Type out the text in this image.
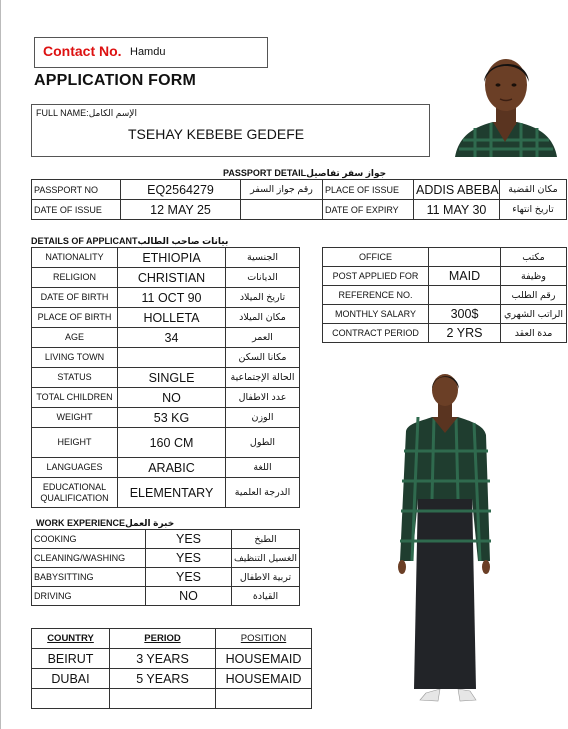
Contact No. Hamdu
APPLICATION FORM
FULL NAME:الإسم الكامل
TSEHAY KEBEBE GEDEFE
PASSPORT DETAILجواز سفر تفاصيل
PASSPORT NO	EQ2564279	رقم جواز السفر	PLACE OF ISSUE	ADDIS ABEBA	مكان القضية
DATE OF ISSUE	12 MAY 25		DATE OF EXPIRY	11 MAY 30	تاريخ انتهاء
DETAILS OF APPLICANTبيانات صاحب الطالب
NATIONALITY	ETHIOPIA	الجنسية
RELIGION	CHRISTIAN	الديانات
DATE OF BIRTH	11 OCT 90	تاريخ الميلاد
PLACE OF BIRTH	HOLLETA	مكان الميلاد
AGE	34	العمر
LIVING TOWN		مكانا السكن
STATUS	SINGLE	الحالة الإجتماعية
TOTAL CHILDREN	NO	عدد الاطفال
WEIGHT	53 KG	الوزن
HEIGHT	160 CM	الطول
LANGUAGES	ARABIC	اللغة
EDUCATIONAL QUALIFICATION	ELEMENTARY	الدرجة العلمية
OFFICE		مكتب
POST APPLIED FOR	MAID	وظيفة
REFERENCE NO.		رقم الطلب
MONTHLY SALARY	300$	الراتب الشهري
CONTRACT PERIOD	2 YRS	مدة العقد
WORK EXPERIENCEخبرة العمل
COOKING	YES	الطبخ
CLEANING/WASHING	YES	الغسيل التنظيف
BABYSITTING	YES	تربية الاطفال
DRIVING	NO	القيادة
COUNTRY	PERIOD	POSITION
BEIRUT	3 YEARS	HOUSEMAID
DUBAI	5 YEARS	HOUSEMAID
